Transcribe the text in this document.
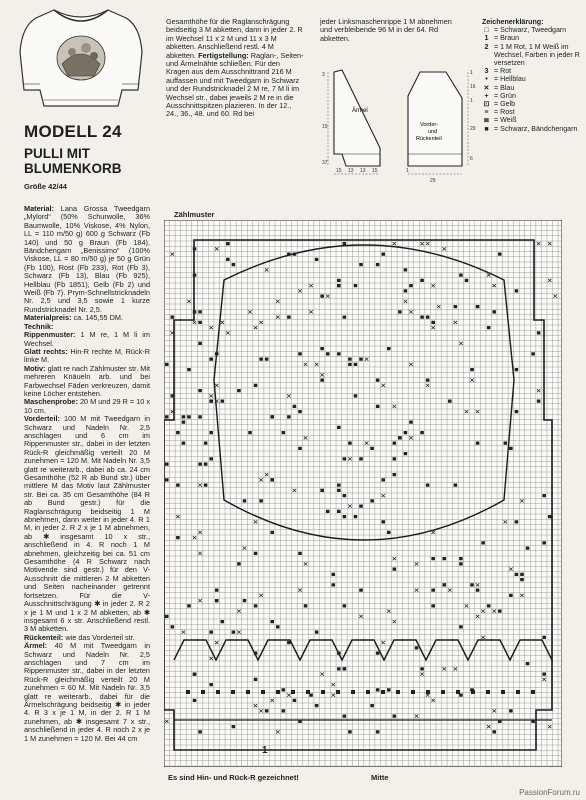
MODELL 24
PULLI MIT
BLUMENKORB
Größe 42/44

Material: Lana Grossa Tweedgarn „Mylord“ (50% Schurwolle, 36% Baumwolle, 10% Viskose, 4% Nylon, LL = 110 m/50 g) 600 g Schwarz (Fb 140) und 50 g Braun (Fb 184), Bändchengarn „Benissimo“ (100% Viskose, LL = 80 m/50 g) je 50 g Grün (Fb 100), Rost (Fb 233), Rot (Fb 3), Schwarz (Fb 13), Blau (Fb 925), Hellblau (Fb 1851), Gelb (Fb 2) und Weiß (Fb 7). Prym-Schnellstricknadeln Nr. 2,5 und 3,5 sowie 1 kurze Rundstricknadel Nr. 2,5.

Materialpreis: ca. 145,55 DM.

Technik:

Rippenmuster: 1 M re, 1 M li im Wechsel.

Glatt rechts: Hin-R rechte M, Rück-R linke M.

Motiv: glatt re nach Zählmuster str. Mit mehreren Knäueln arb. und bei Farbwechsel Fäden verkreuzen, damit keine Löcher entstehen.

Maschenprobe: 20 M und 29 R = 10 x 10 cm.

Vorderteil: 100 M mit Tweedgarn in Schwarz und Nadeln Nr. 2,5 anschlagen und 6 cm im Rippenmuster str., dabei in der letzten Rück-R gleichmäßig verteilt 20 M zunehmen = 120 M. Mit Nadeln Nr. 3,5 glatt re weiterarb., dabei ab ca. 24 cm Gesamthöhe (52 R ab Bund str.) über mittlere M das Motiv laut Zählmuster str. Bei ca. 35 cm Gesamthöhe (84 R ab Bund gestr.) für die Raglanschrägung beidseitig 1 M abnehmen, dann weiter in jeder 4. R 1 M, in jeder 2. R 2 x je 1 M abnehmen, ab ✱ insgesamt 10 x str., anschließend in 4. R noch 1 M abnehmen, gleichzeitig bei ca. 51 cm Gesamthöhe (4 R Schwarz nach Motivende sind gestr.) für den V-Ausschnitt die mittleren 2 M abketten und Seiten nacheinander getrennt fortsetzen. Für die V-Ausschnittschrägung ✱ in jeder 2. R 2 x je 1 M und 1 x 2 M abketten, ab ✱ insgesamt 6 x str. Anschließend restl. 3 M abketten.

Rückenteil: wie das Vorderteil str.

Ärmel: 40 M mit Tweedgarn in Schwarz und Nadeln Nr. 2,5 anschlagen und 7 cm im Rippenmuster str., dabei in der letzten Rück-R gleichmäßig verteilt 20 M zunehmen = 60 M. Mit Nadeln Nr. 3,5 glatt re weiterarb., dabei für die Ärmelschrägung beidseitig ✱ in jeder 4. R 3 x je 1 M, in der 2. R 1 M zunehmen, ab ✱ insgesamt 7 x str., anschließend in jeder 4. R noch 2 x je 1 M zunehmen = 120 M. Bei 44 cm

Gesamthöhe für die Raglanschrägung beidseitig 3 M abketten, dann in jeder 2. R im Wechsel 11 x 2 M und 11 x 3 M abketten. Anschließend restl. 4 M abketten. Fertigstellung: Raglan-, Seiten- und Ärmelnähte schließen. Für den Kragen aus dem Ausschnittrand 216 M auffassen und mit Tweedgarn in Schwarz und der Rundstricknadel 2 M re, 7 M li im Wechsel str., dabei jeweils 2 M re in die Ausschnittspitzen plazieren. In der 12., 24., 36., 48. und 60. Rd bei
jeder Linksmaschenrippe 1 M abnehmen und verbleibende 96 M in der 64. Rd abketten.
Zeichenerklärung:
□ = Schwarz, Tweedgarn
1 = Braun
2 = 1 M Rot, 1 M Weiß im Wechsel, Farben in jeder R versetzen
3 = Rot
• = Hellblau
✕ = Blau
+ = Grün
⊡ = Gelb
≡ = Rost
≣ = Weiß
■ = Schwarz, Bändchengarn
Ärmel
Vorder-
und
Rückenteil
3
15
37
15 13 13 15	1
29
1
16
1
29
6
Zählmuster
1
Es sind Hin- und Rück-R gezeichnet!	Mitte
PassionForum.ru
